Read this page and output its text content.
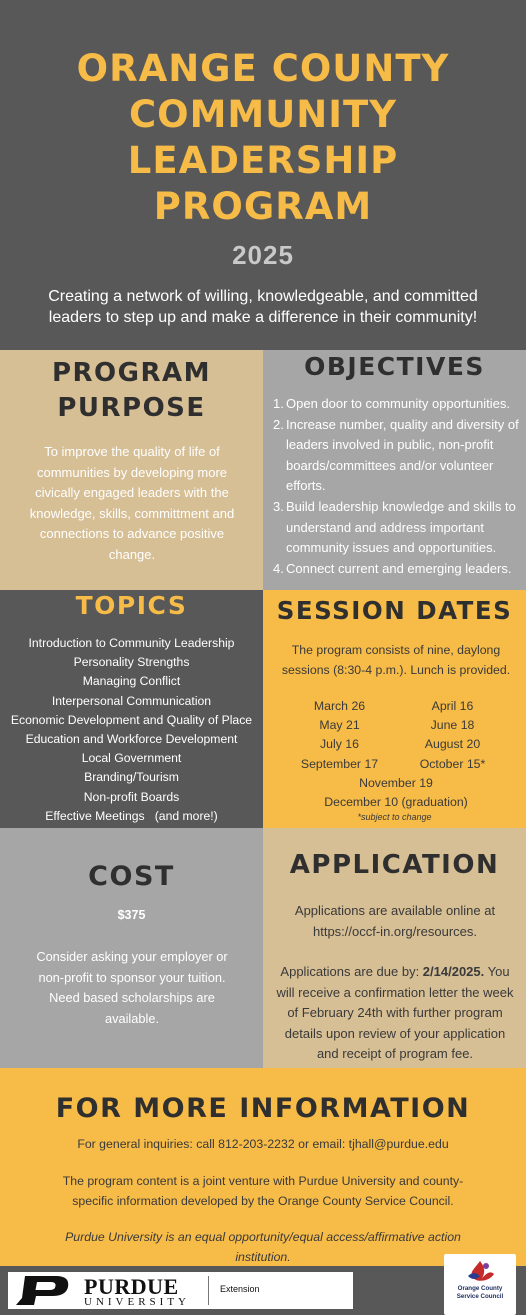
ORANGE COUNTY
COMMUNITY
LEADERSHIP
PROGRAM
2025
Creating a network of willing, knowledgeable, and committed leaders to step up and make a difference in their community!
PROGRAM
PURPOSE

To improve the quality of life of communities by developing more civically engaged leaders with the knowledge, skills, committment and connections to advance positive change.

OBJECTIVES
1. Open door to community opportunities.
2. Increase number, quality and diversity of leaders involved in public, non-profit boards/committees and/or volunteer efforts.
3. Build leadership knowledge and skills to understand and address important community issues and opportunities.
4. Connect current and emerging leaders.
TOPICS
Introduction to Community Leadership
Personality Strengths
Managing Conflict
Interpersonal Communication
Economic Development and Quality of Place
Education and Workforce Development
Local Government
Branding/Tourism
Non-profit Boards
Effective Meetings   (and more!)
SESSION DATES
The program consists of nine, daylong sessions (8:30-4 p.m.). Lunch is provided.
March 26	April 16
May 21	June 18
July 16	August 20
September 17	October 15*
November 19
December 10 (graduation)
*subject to change
COST
$375

Consider asking your employer or non-profit to sponsor your tuition. Need based scholarships are available.

APPLICATION

Applications are available online at https://occf-in.org/resources.

Applications are due by: 2/14/2025. You will receive a confirmation letter the week of February 24th with further program details upon review of your application and receipt of program fee.

FOR MORE INFORMATION
For general inquiries: call 812-203-2232 or email: tjhall@purdue.edu
The program content is a joint venture with Purdue University and county-specific information developed by the Orange County Service Council.
Purdue University is an equal opportunity/equal access/affirmative action institution.
PURDUE
UNIVERSITY
Extension	Orange County
Service Council
